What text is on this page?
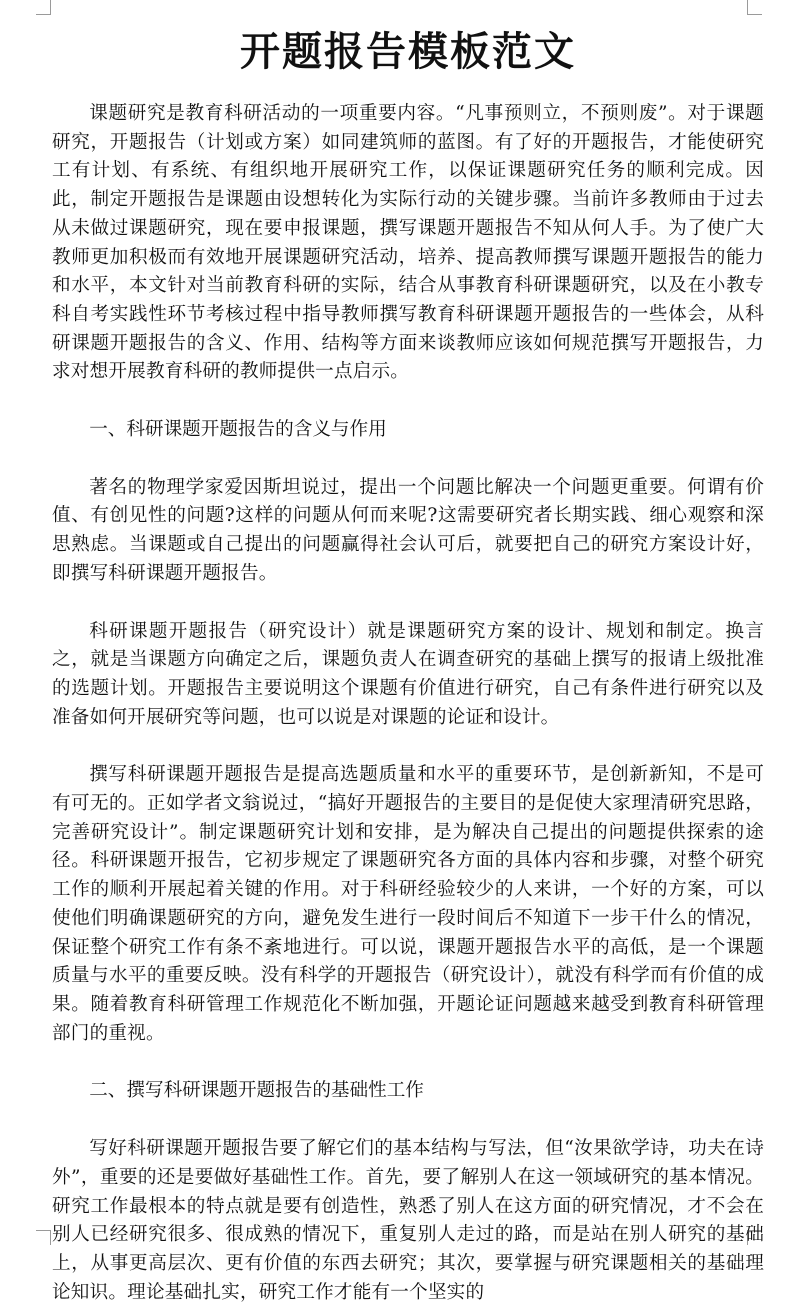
开题报告模板范文

课题研究是教育科研活动的一项重要内容。“凡事预则立，不预则废”。对于课题研究，开题报告（计划或方案）如同建筑师的蓝图。有了好的开题报告，才能使研究工有计划、有系统、有组织地开展研究工作，以保证课题研究任务的顺利完成。因此，制定开题报告是课题由设想转化为实际行动的关键步骤。当前许多教师由于过去从未做过课题研究，现在要申报课题，撰写课题开题报告不知从何人手。为了使广大教师更加积极而有效地开展课题研究活动，培养、提高教师撰写课题开题报告的能力和水平，本文针对当前教育科研的实际，结合从事教育科研课题研究，以及在小教专科自考实践性环节考核过程中指导教师撰写教育科研课题开题报告的一些体会，从科研课题开题报告的含义、作用、结构等方面来谈教师应该如何规范撰写开题报告，力求对想开展教育科研的教师提供一点启示。

一、科研课题开题报告的含义与作用

著名的物理学家爱因斯坦说过，提出一个问题比解决一个问题更重要。何谓有价值、有创见性的问题?这样的问题从何而来呢?这需要研究者长期实践、细心观察和深思熟虑。当课题或自己提出的问题赢得社会认可后，就要把自己的研究方案设计好，即撰写科研课题开题报告。

科研课题开题报告（研究设计）就是课题研究方案的设计、规划和制定。换言之，就是当课题方向确定之后，课题负责人在调查研究的基础上撰写的报请上级批准的选题计划。开题报告主要说明这个课题有价值进行研究，自己有条件进行研究以及准备如何开展研究等问题，也可以说是对课题的论证和设计。

撰写科研课题开题报告是提高选题质量和水平的重要环节，是创新新知，不是可有可无的。正如学者文翁说过，“搞好开题报告的主要目的是促使大家理清研究思路，完善研究设计”。制定课题研究计划和安排，是为解决自己提出的问题提供探索的途径。科研课题开报告，它初步规定了课题研究各方面的具体内容和步骤，对整个研究工作的顺利开展起着关键的作用。对于科研经验较少的人来讲，一个好的方案，可以使他们明确课题研究的方向，避免发生进行一段时间后不知道下一步干什么的情况，保证整个研究工作有条不紊地进行。可以说，课题开题报告水平的高低，是一个课题质量与水平的重要反映。没有科学的开题报告（研究设计），就没有科学而有价值的成果。随着教育科研管理工作规范化不断加强，开题论证问题越来越受到教育科研管理部门的重视。

二、撰写科研课题开题报告的基础性工作

写好科研课题开题报告要了解它们的基本结构与写法，但“汝果欲学诗，功夫在诗外”，重要的还是要做好基础性工作。首先，要了解别人在这一领域研究的基本情况。研究工作最根本的特点就是要有创造性，熟悉了别人在这方面的研究情况，才不会在别人已经研究很多、很成熟的情况下，重复别人走过的路，而是站在别人研究的基础上，从事更高层次、更有价值的东西去研究；其次，要掌握与研究课题相关的基础理论知识。理论基础扎实，研究工作才能有一个坚实的
